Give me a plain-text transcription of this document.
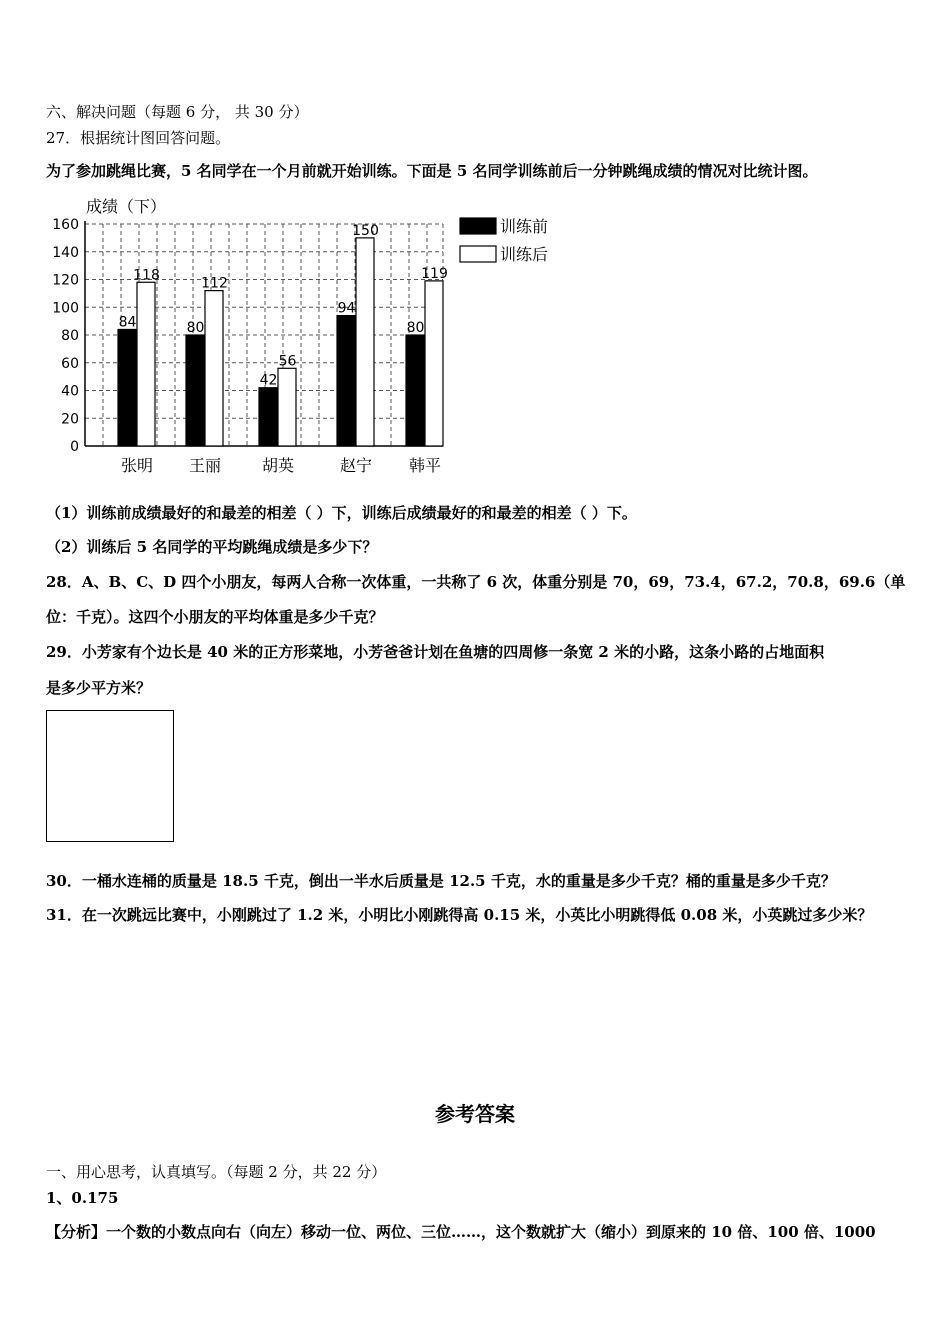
六、解决问题（每题 6 分， 共 30 分）
27．根据统计图回答问题。
为了参加跳绳比赛，5 名同学在一个月前就开始训练。下面是 5 名同学训练前后一分钟跳绳成绩的情况对比统计图。
0
20
40
60
80
100
120
140
160
成绩（下）
84
118
张明
80
112
王丽
42
56
胡英
94
150
赵宁
80
119
韩平
训练前
训练后
（1）训练前成绩最好的和最差的相差（ ）下，训练后成绩最好的和最差的相差（ ）下。
（2）训练后 5 名同学的平均跳绳成绩是多少下？
28．A、B、C、D 四个小朋友，每两人合称一次体重，一共称了 6 次，体重分别是 70，69，73.4，67.2，70.8，69.6（单
位：千克）。这四个小朋友的平均体重是多少千克？
29．小芳家有个边长是 40 米的正方形菜地，小芳爸爸计划在鱼塘的四周修一条宽 2 米的小路，这条小路的占地面积
是多少平方米？
30．一桶水连桶的质量是 18.5 千克，倒出一半水后质量是 12.5 千克，水的重量是多少千克？桶的重量是多少千克？
31．在一次跳远比赛中，小刚跳过了 1.2 米，小明比小刚跳得高 0.15 米，小英比小明跳得低 0.08 米，小英跳过多少米？
参考答案
一、用心思考，认真填写。（每题 2 分，共 22 分）
1、0.175
【分析】一个数的小数点向右（向左）移动一位、两位、三位……，这个数就扩大（缩小）到原来的 10 倍、100 倍、1000
